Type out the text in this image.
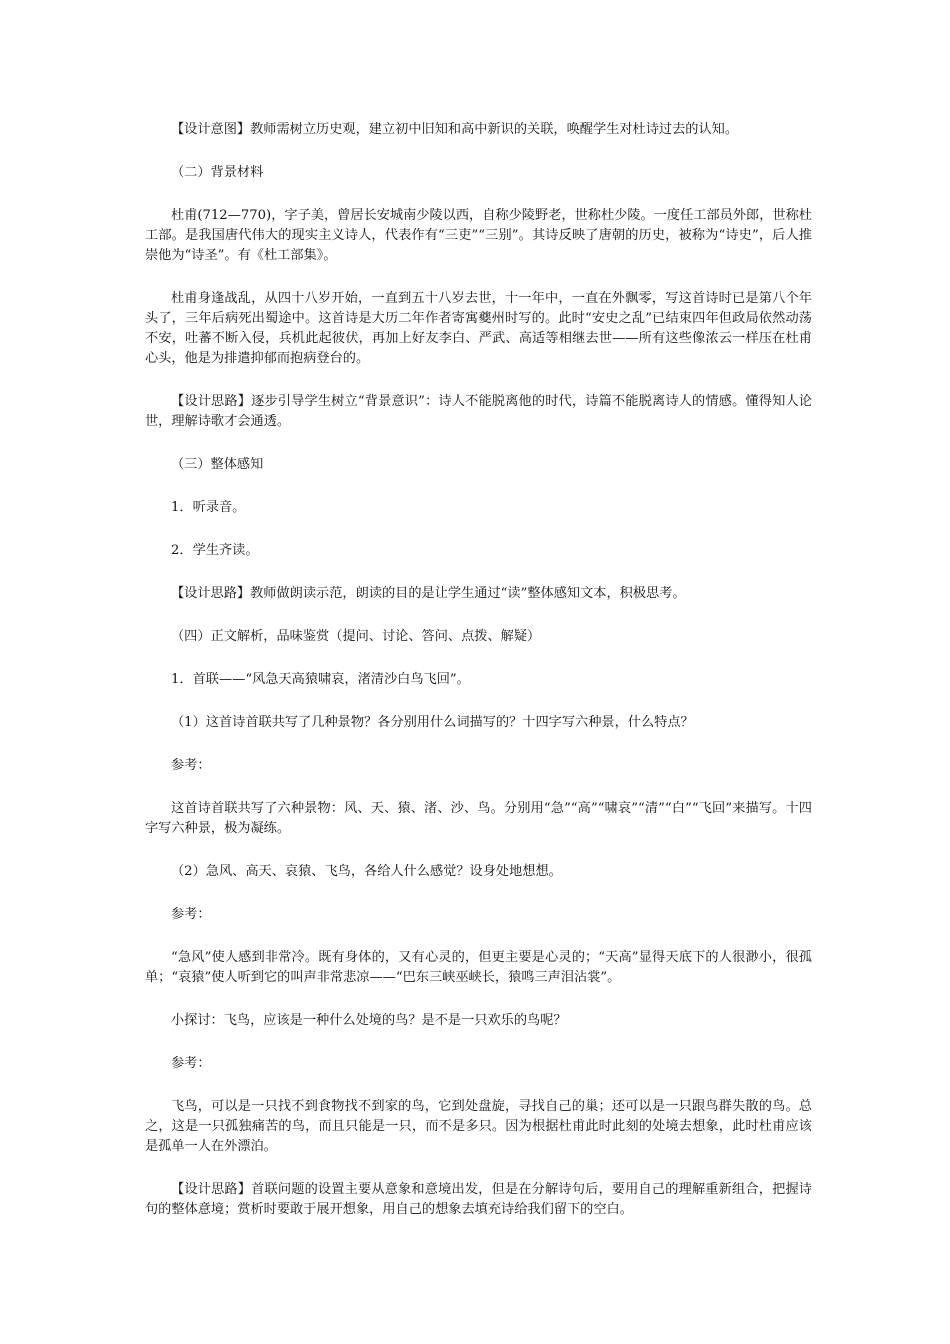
【设计意图】教师需树立历史观，建立初中旧知和高中新识的关联，唤醒学生对杜诗过去的认知。

（二）背景材料

杜甫(712—770)，字子美，曾居长安城南少陵以西，自称少陵野老，世称杜少陵。一度任工部员外郎，世称杜工部。是我国唐代伟大的现实主义诗人，代表作有“三吏”“三别”。其诗反映了唐朝的历史，被称为“诗史”，后人推崇他为“诗圣”。有《杜工部集》。

杜甫身逢战乱，从四十八岁开始，一直到五十八岁去世，十一年中，一直在外飘零，写这首诗时已是第八个年头了，三年后病死出蜀途中。这首诗是大历二年作者寄寓夔州时写的。此时“安史之乱”已结束四年但政局依然动荡不安，吐蕃不断入侵，兵机此起彼伏，再加上好友李白、严武、高适等相继去世——所有这些像浓云一样压在杜甫心头，他是为排遣抑郁而抱病登台的。

【设计思路】逐步引导学生树立“背景意识”：诗人不能脱离他的时代，诗篇不能脱离诗人的情感。懂得知人论世，理解诗歌才会通透。

（三）整体感知

1．听录音。

2．学生齐读。

【设计思路】教师做朗读示范，朗读的目的是让学生通过“读”整体感知文本，积极思考。

（四）正文解析，品味鉴赏（提问、讨论、答问、点拨、解疑）

1．首联——“风急天高猿啸哀，渚清沙白鸟飞回”。

（1）这首诗首联共写了几种景物？各分别用什么词描写的？十四字写六种景，什么特点？

参考：

这首诗首联共写了六种景物：风、天、猿、渚、沙、鸟。分别用“急”“高”“啸哀”“清”“白”“飞回”来描写。十四字写六种景，极为凝练。

（2）急风、高天、哀猿、飞鸟，各给人什么感觉？设身处地想想。

参考：

“急风”使人感到非常冷。既有身体的，又有心灵的，但更主要是心灵的；“天高”显得天底下的人很渺小，很孤单；“哀猿”使人听到它的叫声非常悲凉——“巴东三峡巫峡长，猿鸣三声泪沾裳”。

小探讨：飞鸟，应该是一种什么处境的鸟？是不是一只欢乐的鸟呢？

参考：

飞鸟，可以是一只找不到食物找不到家的鸟，它到处盘旋，寻找自己的巢；还可以是一只跟鸟群失散的鸟。总之，这是一只孤独痛苦的鸟，而且只能是一只，而不是多只。因为根据杜甫此时此刻的处境去想象，此时杜甫应该是孤单一人在外漂泊。

【设计思路】首联问题的设置主要从意象和意境出发，但是在分解诗句后，要用自己的理解重新组合，把握诗句的整体意境；赏析时要敢于展开想象，用自己的想象去填充诗给我们留下的空白。
